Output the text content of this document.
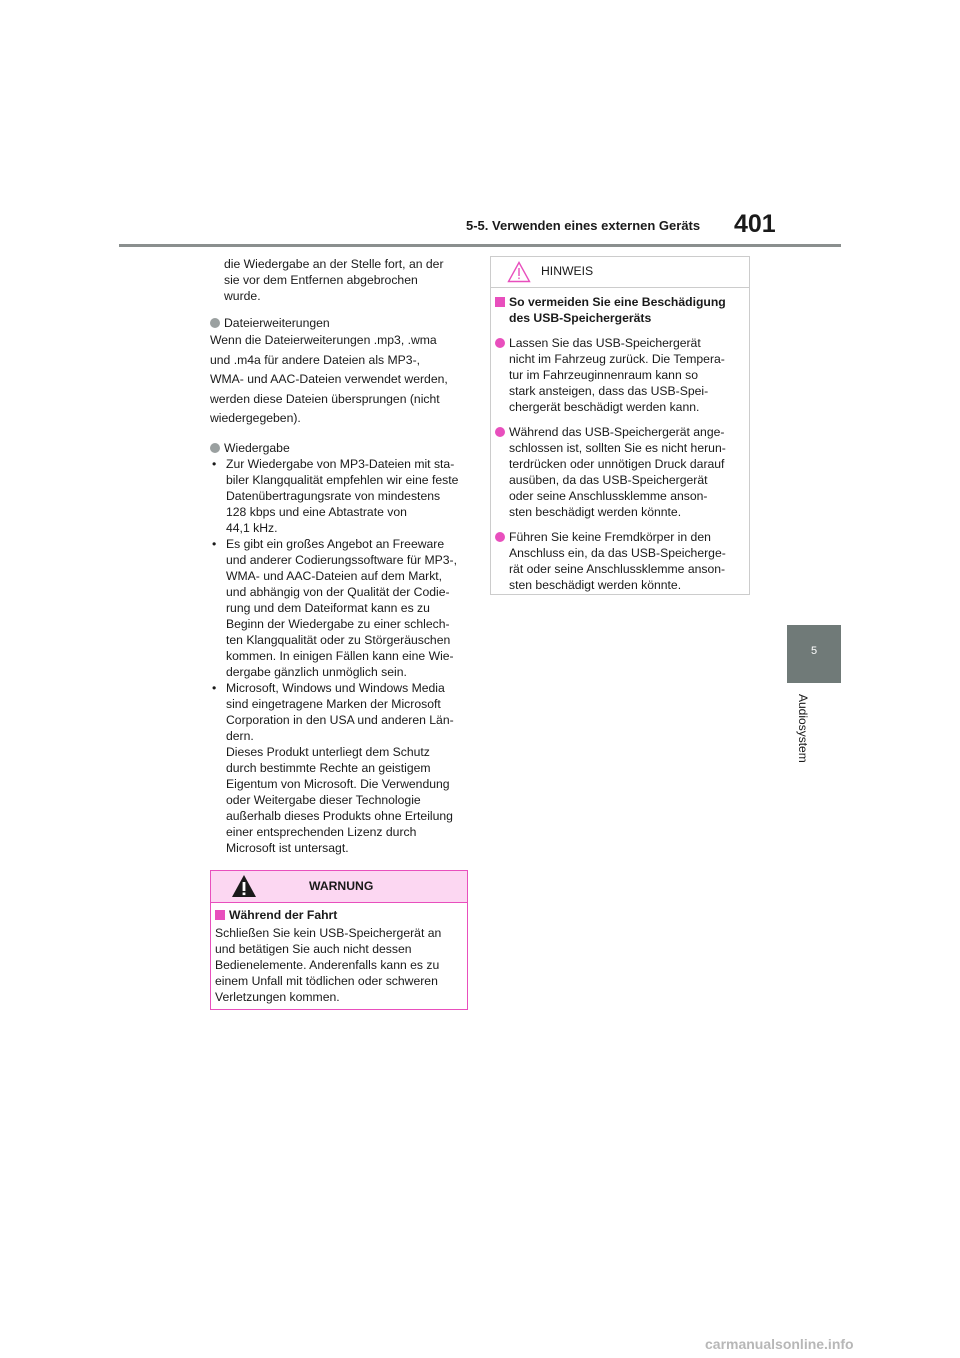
5-5. Verwenden eines externen Geräts 401
5
Audiosystem
die Wiedergabe an der Stelle fort, an der
sie vor dem Entfernen abgebrochen
wurde.
Dateierweiterungen
Wenn die Dateierweiterungen .mp3, .wma
und .m4a für andere Dateien als MP3-,
WMA- und AAC-Dateien verwendet werden,
werden diese Dateien übersprungen (nicht
wiedergegeben).
Wiedergabe
• Zur Wiedergabe von MP3-Dateien mit sta-
biler Klangqualität empfehlen wir eine feste
Datenübertragungsrate von mindestens
128 kbps und eine Abtastrate von
44,1 kHz.
• Es gibt ein großes Angebot an Freeware
und anderer Codierungssoftware für MP3-,
WMA- und AAC-Dateien auf dem Markt,
und abhängig von der Qualität der Codie-
rung und dem Dateiformat kann es zu
Beginn der Wiedergabe zu einer schlech-
ten Klangqualität oder zu Störgeräuschen
kommen. In einigen Fällen kann eine Wie-
dergabe gänzlich unmöglich sein.
• Microsoft, Windows und Windows Media
sind eingetragene Marken der Microsoft
Corporation in den USA und anderen Län-
dern.
Dieses Produkt unterliegt dem Schutz
durch bestimmte Rechte an geistigem
Eigentum von Microsoft. Die Verwendung
oder Weitergabe dieser Technologie
außerhalb dieses Produkts ohne Erteilung
einer entsprechenden Lizenz durch
Microsoft ist untersagt.
WARNUNG
Während der Fahrt
Schließen Sie kein USB-Speichergerät an
und betätigen Sie auch nicht dessen
Bedienelemente. Anderenfalls kann es zu
einem Unfall mit tödlichen oder schweren
Verletzungen kommen.
HINWEIS
So vermeiden Sie eine Beschädigung
des USB-Speichergeräts
Lassen Sie das USB-Speichergerät
nicht im Fahrzeug zurück. Die Tempera-
tur im Fahrzeuginnenraum kann so
stark ansteigen, dass das USB-Spei-
chergerät beschädigt werden kann.
Während das USB-Speichergerät ange-
schlossen ist, sollten Sie es nicht herun-
terdrücken oder unnötigen Druck darauf
ausüben, da das USB-Speichergerät
oder seine Anschlussklemme anson-
sten beschädigt werden könnte.
Führen Sie keine Fremdkörper in den
Anschluss ein, da das USB-Speicherge-
rät oder seine Anschlussklemme anson-
sten beschädigt werden könnte.
carmanualsonline.info
